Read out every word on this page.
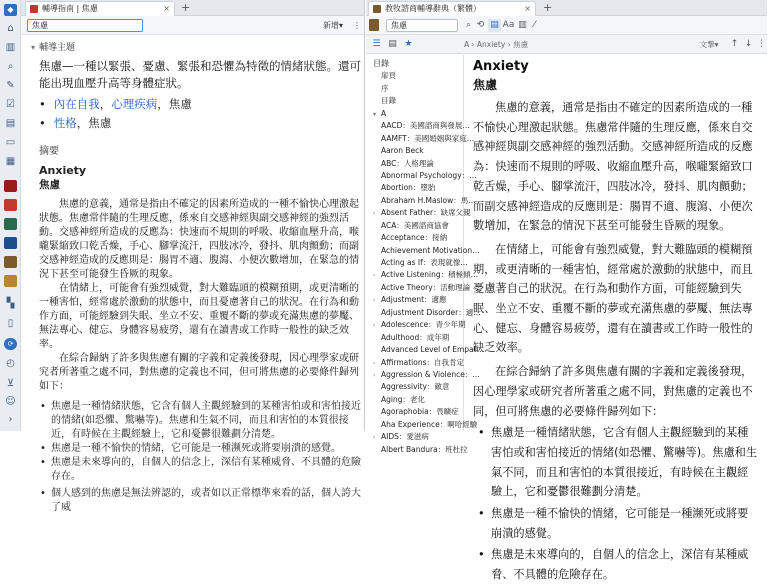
◆
⌂
▥
⌕
✎
☑
▤
▭
▦
▚
▯
⟳
◴
⊻
☺
›
輔導指南 | 焦慮	× +
焦慮	新增▾ ⋮
▾ 輔導主題
焦慮—一種以緊張、憂慮、緊張和恐懼為特徵的情緒狀態。還可能出現血壓升高等身體症狀。
• 內在自我，心理疾病，焦慮
• 性格，焦慮
摘要
Anxiety
焦慮
焦慮的意義，通常是指由不確定的因素所造成的一種不愉快心理激起狀態。焦慮常伴隨的生理反應，係來自交感神經與副交感神經的強烈活動。交感神經所造成的反應為：快速而不規則的呼吸、收縮血壓升高，喉嚨緊縮致口乾舌燥，手心、腳掌流汗，四肢冰冷，發抖、肌肉顫動；而副交感神經造成的反應則是：腸胃不適、腹瀉、小便次數增加，在緊急的情況下甚至可能發生昏厥的現象。
在情緒上，可能會有強烈威覺，對大難臨頭的模糊預期，或更清晰的一種害怕，經常處於激動的狀態中，而且憂慮著自己的狀況。在行為和動作方面，可能經驗到失眠、坐立不安、重覆不斷的夢或充滿焦慮的夢魘、無法專心、健忘、身體容易疲勞，還有在讀書或工作時一般性的缺乏效率。
在綜合歸納了許多與焦慮有關的字義和定義後發現，因心理學家或研究者所著重之處不同，對焦慮的定義也不同，但可將焦慮的必要條件歸列如下：
• 焦慮是一種情緒狀態，它含有個人主觀經驗到的某種害怕或和害怕接近的情緒(如恐懼、驚嚇等)。焦慮和生氣不同，而且和害怕的本質很接近，有時候在主觀經驗上，它和憂鬱很難劃分清楚。
• 焦慮是一種不愉快的情緒，它可能是一種濒死或將要崩潰的感覺。
• 焦慮是未來導向的，自個人的信念上，深信有某種威脅、不具體的危險存在。
• 個人感到的焦慮是無法辨認的，或者如以正常標準來看的話，個人誇大了威
教牧諮商輔導辭典（繁體）	× +
焦慮	⌕ ⟲ ▤ Aa ▥ ⁄
☰ ▤ ★	A › Anxiety › 焦慮	文摯▾	↑ ↓ ⋮
目錄
扉頁
序
目錄
▾ A
AACD：美國諮商與發展…
AAMFT：美國婚姻與家庭…
Aaron Beck
ABC：人格理論
Abnormal Psychology：…
Abortion：墮胎
Abraham H.Maslow：馬…
› Absent Father：缺席父親
ACA：美國諮商協會
Acceptance：接納
Achievement Motivation…
Acting as If：表現就像…
› Active Listening：積極傾…
Active Theory：活動理論
› Adjustment：適應
Adjustment Disorder：適…
› Adolescence：青少年期
Adulthood：成年期
Advanced Level of Empat…
› Affirmations：自我肯定
› Aggression & Violence：…
Aggressivity：敵意
Aging：老化
Agoraphobia：畏曠症
Aha Experience：啊哈經驗
› AIDS：愛滋病
Albert Bandura：班杜拉
Anxiety
焦慮
焦慮的意義，通常是指由不確定的因素所造成的一種不愉快心理激起狀態。焦慮常伴隨的生理反應，係來自交感神經與副交感神經的強烈活動。交感神經所造成的反應為：快速而不規則的呼吸、收縮血壓升高，喉嚨緊縮致口乾舌燥，手心、腳掌流汗，四肢冰冷，發抖、肌肉顫動；而副交感神經造成的反應則是：腸胃不適、腹瀉、小便次數增加，在緊急的情況下甚至可能發生昏厥的現象。
在情緒上，可能會有強烈威覺，對大難臨頭的模糊預期，或更清晰的一種害怕，經常處於激動的狀態中，而且憂慮著自己的狀況。在行為和動作方面，可能經驗到失眠、坐立不安、重覆不斷的夢或充滿焦慮的夢魘、無法專心、健忘、身體容易疲勞，還有在讀書或工作時一般性的缺乏效率。
在綜合歸納了許多與焦慮有關的字義和定義後發現，因心理學家或研究者所著重之處不同，對焦慮的定義也不同，但可將焦慮的必要條件歸列如下：
• 焦慮是一種情緒狀態，它含有個人主觀經驗到的某種害怕或和害怕接近的情緒(如恐懼、驚嚇等)。焦慮和生氣不同，而且和害怕的本質很接近，有時候在主觀經驗上，它和憂鬱很難劃分清楚。
• 焦慮是一種不愉快的情緒，它可能是一種濒死或將要崩潰的感覺。
• 焦慮是未來導向的，自個人的信念上，深信有某種威脅、不具體的危險存在。
